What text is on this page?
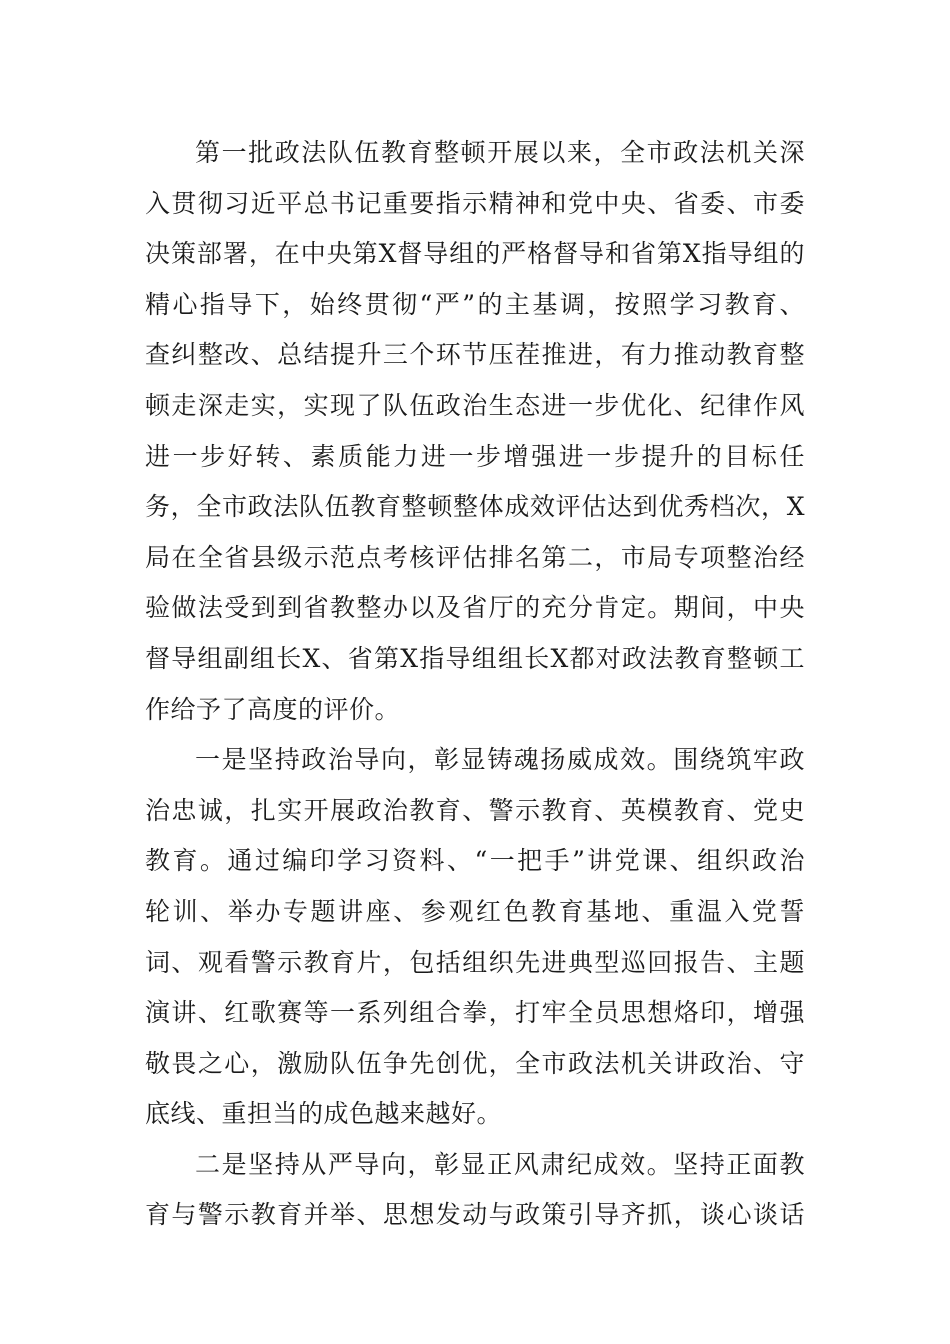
第一批政法队伍教育整顿开展以来，全市政法机关深
入贯彻习近平总书记重要指示精神和党中央、省委、市委
决策部署，在中央第X督导组的严格督导和省第X指导组的
精心指导下，始终贯彻“严”的主基调，按照学习教育、
查纠整改、总结提升三个环节压茬推进，有力推动教育整
顿走深走实，实现了队伍政治生态进一步优化、纪律作风
进一步好转、素质能力进一步增强进一步提升的目标任
务，全市政法队伍教育整顿整体成效评估达到优秀档次，X
局在全省县级示范点考核评估排名第二，市局专项整治经
验做法受到到省教整办以及省厅的充分肯定。期间，中央
督导组副组长X、省第X指导组组长X都对政法教育整顿工
作给予了高度的评价。
一是坚持政治导向，彰显铸魂扬威成效。围绕筑牢政
治忠诚，扎实开展政治教育、警示教育、英模教育、党史
教育。通过编印学习资料、“一把手”讲党课、组织政治
轮训、举办专题讲座、参观红色教育基地、重温入党誓
词、观看警示教育片，包括组织先进典型巡回报告、主题
演讲、红歌赛等一系列组合拳，打牢全员思想烙印，增强
敬畏之心，激励队伍争先创优，全市政法机关讲政治、守
底线、重担当的成色越来越好。
二是坚持从严导向，彰显正风肃纪成效。坚持正面教
育与警示教育并举、思想发动与政策引导齐抓，谈心谈话
